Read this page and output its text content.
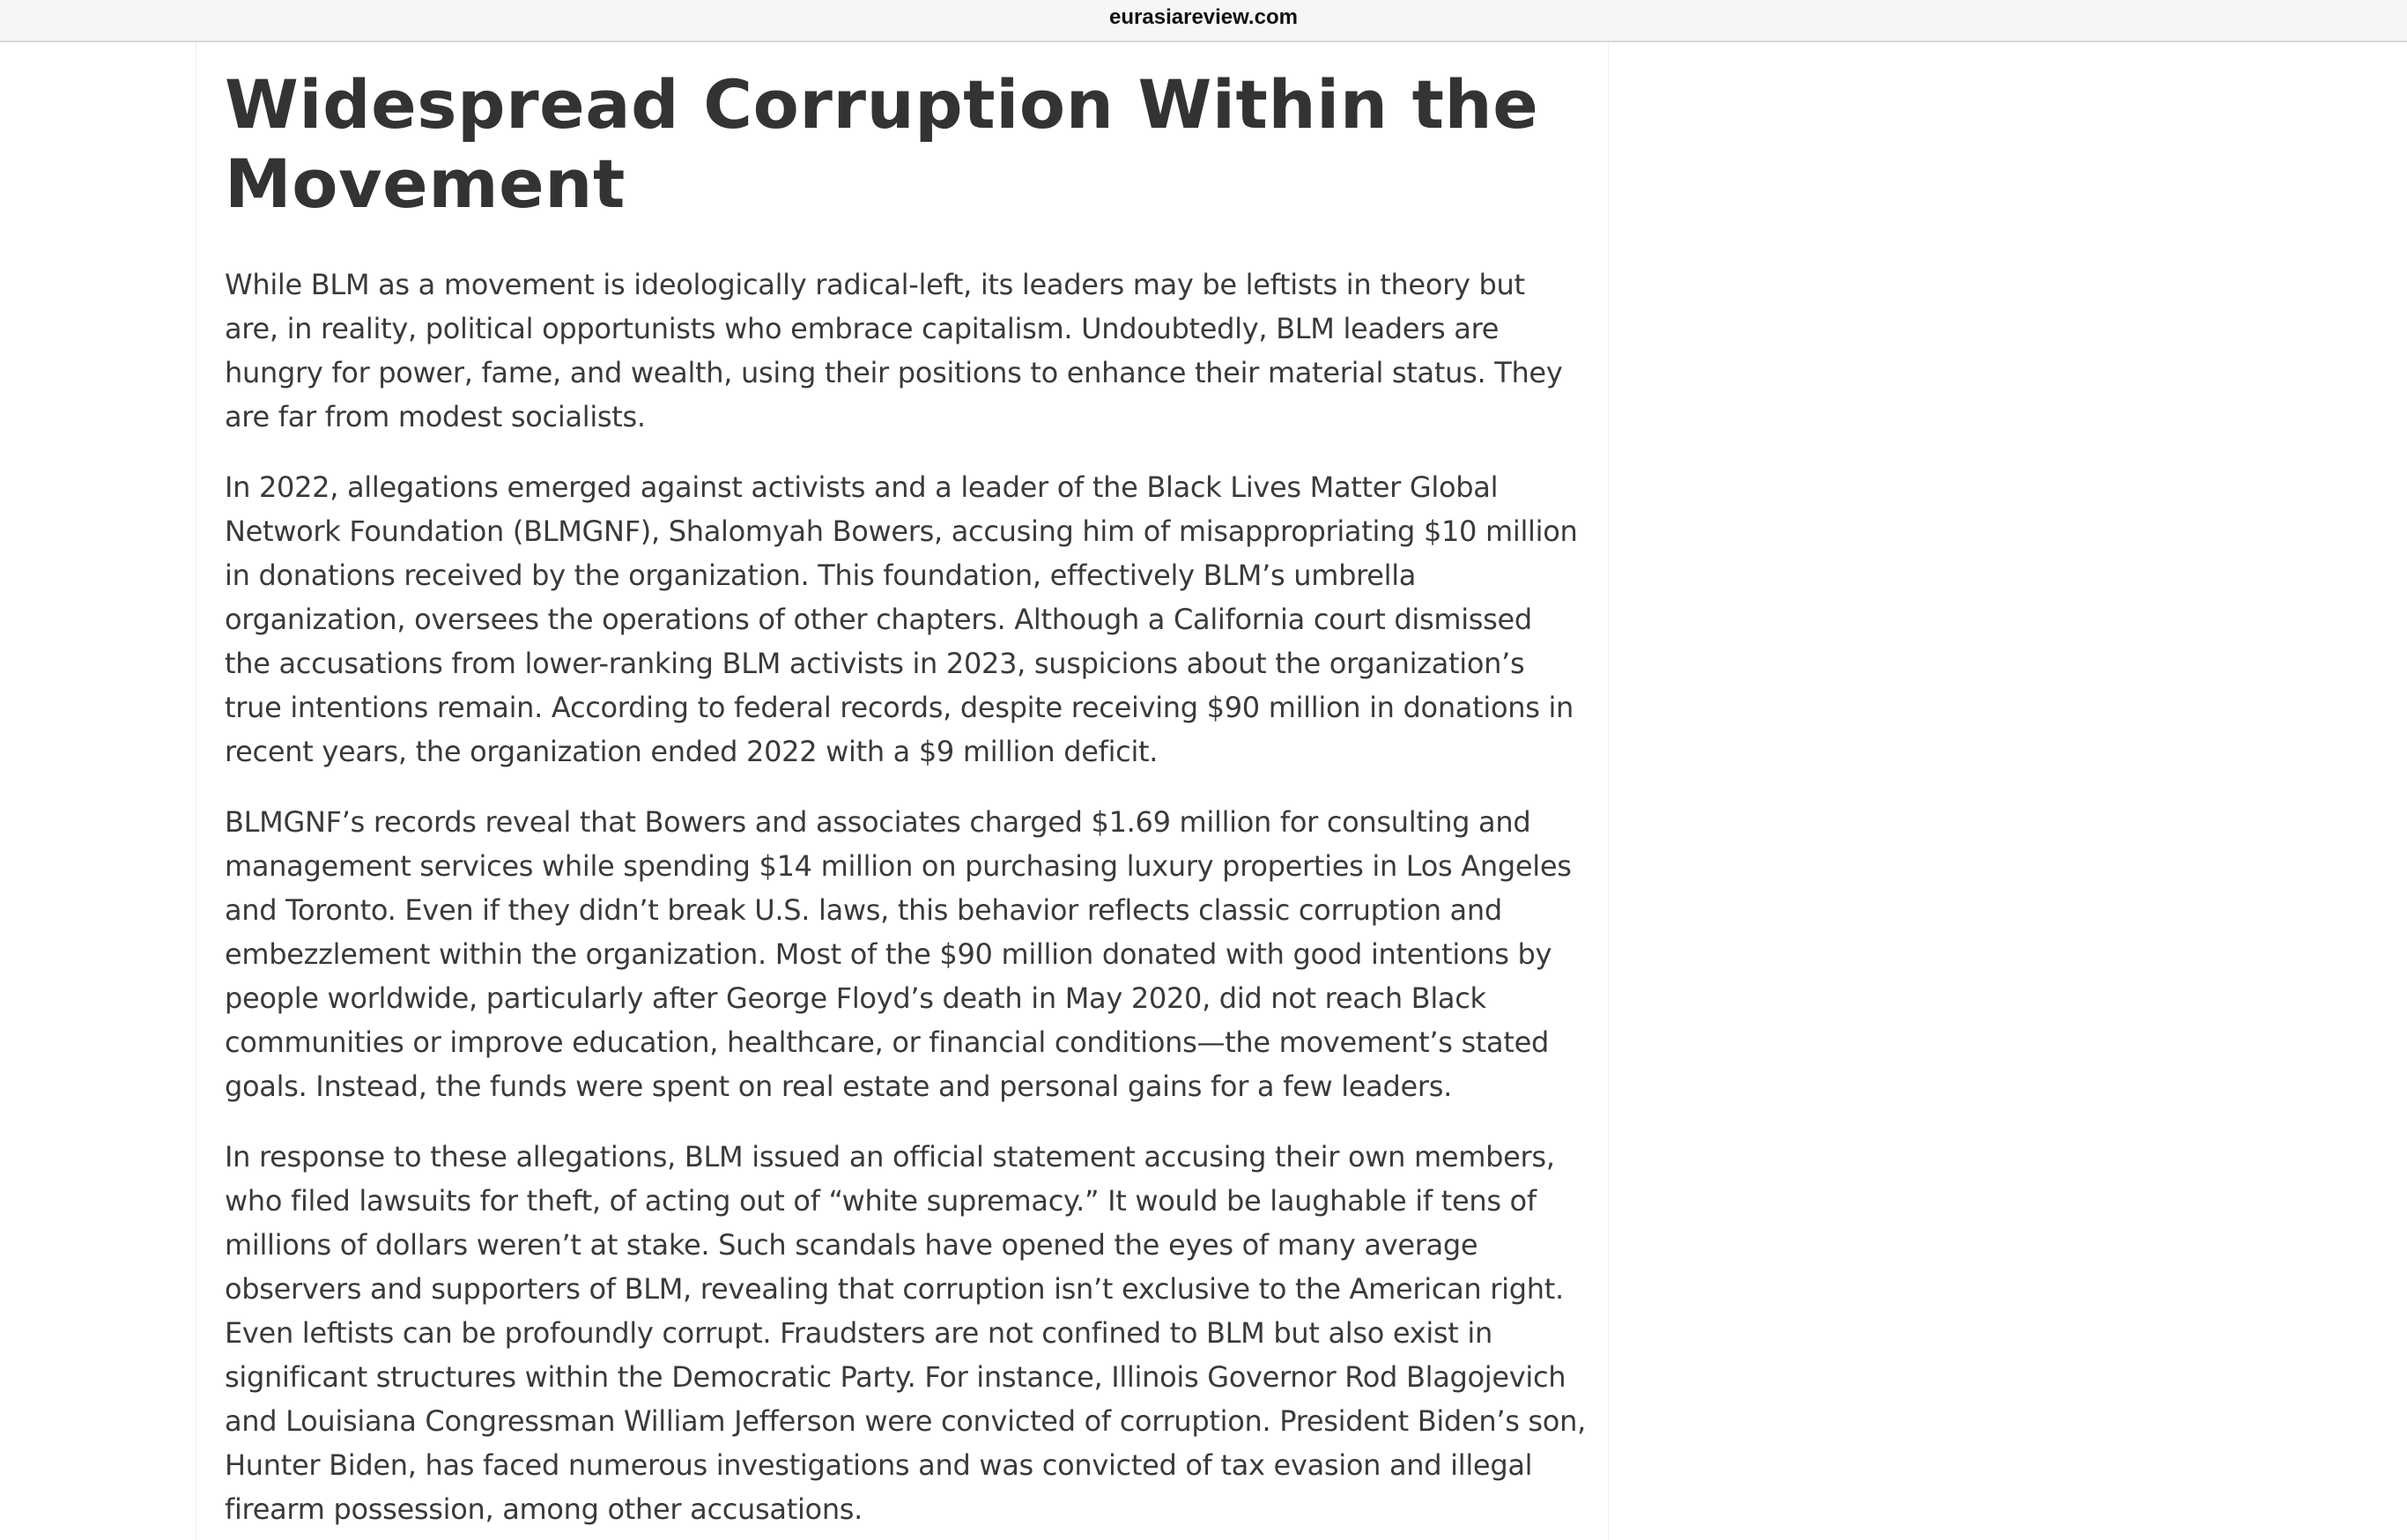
eurasiareview.com
Widespread Corruption Within the Movement

While BLM as a movement is ideologically radical-left, its leaders may be leftists in theory but are, in reality, political opportunists who embrace capitalism. Undoubtedly, BLM leaders are hungry for power, fame, and wealth, using their positions to enhance their material status. They are far from modest socialists.

In 2022, allegations emerged against activists and a leader of the Black Lives Matter Global Network Foundation (BLMGNF), Shalomyah Bowers, accusing him of misappropriating $10 million in donations received by the organization. This foundation, effectively BLM’s umbrella organization, oversees the operations of other chapters. Although a California court dismissed the accusations from lower-ranking BLM activists in 2023, suspicions about the organization’s true intentions remain. According to federal records, despite receiving $90 million in donations in recent years, the organization ended 2022 with a $9 million deficit.

BLMGNF’s records reveal that Bowers and associates charged $1.69 million for consulting and management services while spending $14 million on purchasing luxury properties in Los Angeles and Toronto. Even if they didn’t break U.S. laws, this behavior reflects classic corruption and embezzlement within the organization. Most of the $90 million donated with good intentions by people worldwide, particularly after George Floyd’s death in May 2020, did not reach Black communities or improve education, healthcare, or financial conditions—the movement’s stated goals. Instead, the funds were spent on real estate and personal gains for a few leaders.

In response to these allegations, BLM issued an official statement accusing their own members, who filed lawsuits for theft, of acting out of “white supremacy.” It would be laughable if tens of millions of dollars weren’t at stake. Such scandals have opened the eyes of many average observers and supporters of BLM, revealing that corruption isn’t exclusive to the American right. Even leftists can be profoundly corrupt. Fraudsters are not confined to BLM but also exist in significant structures within the Democratic Party. For instance, Illinois Governor Rod Blagojevich and Louisiana Congressman William Jefferson were convicted of corruption. President Biden’s son, Hunter Biden, has faced numerous investigations and was convicted of tax evasion and illegal firearm possession, among other accusations.
